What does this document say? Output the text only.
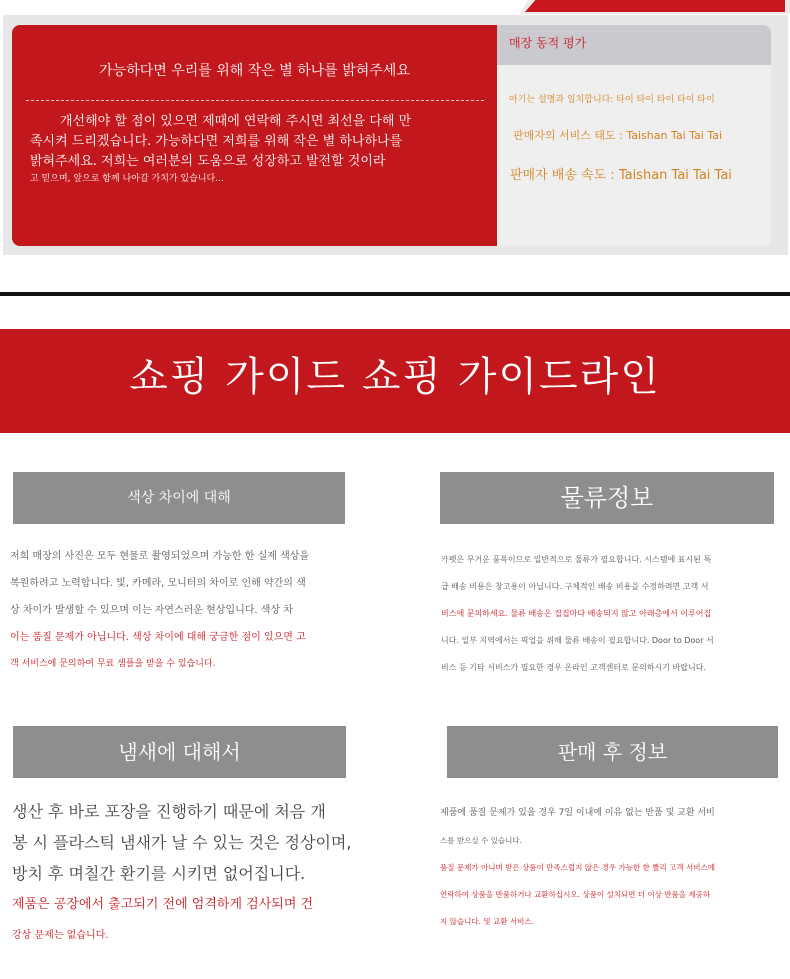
가능하다면 우리를 위해 작은 별 하나를 밝혀주세요
개선해야 할 점이 있으면 제때에 연락해 주시면 최선을 다해 만
족시켜 드리겠습니다. 가능하다면 저희를 위해 작은 별 하나하나를
밝혀주세요. 저희는 여러분의 도움으로 성장하고 발전할 것이라
고 믿으며, 앞으로 함께 나아갈 가치가 있습니다...
매장 동적 평가
아기는 설명과 일치합니다: 타이 타이 타이 타이 타이
판매자의 서비스 태도 : Taishan Tai Tai Tai
판매자 배송 속도 : Taishan Tai Tai Tai
쇼핑 가이드 쇼핑 가이드라인
색상 차이에 대해	물류정보
냄새에 대해서	판매 후 정보
저희 매장의 사진은 모두 현물로 촬영되었으며 가능한 한 실제 색상을
복원하려고 노력합니다. 빛, 카메라, 모니터의 차이로 인해 약간의 색
상 차이가 발생할 수 있으며 이는 자연스러운 현상입니다. 색상 차
이는 품질 문제가 아닙니다. 색상 차이에 대해 궁금한 점이 있으면 고
객 서비스에 문의하여 무료 샘플을 받을 수 있습니다.
카펫은 무거운 품목이므로 일반적으로 물류가 필요합니다. 시스템에 표시된 특
급 배송 비용은 창고용이 아닙니다. 구체적인 배송 비용을 수정하려면 고객 서
비스에 문의하세요. 물류 배송은 집집마다 배송되지 않고 아래층에서 이루어집
니다. 일부 지역에서는 픽업을 위해 물류 배송이 필요합니다. Door to Door 서
비스 등 기타 서비스가 필요한 경우 온라인 고객센터로 문의하시기 바랍니다.
생산 후 바로 포장을 진행하기 때문에 처음 개
봉 시 플라스틱 냄새가 날 수 있는 것은 정상이며,
방치 후 며칠간 환기를 시키면 없어집니다.
제품은 공장에서 출고되기 전에 엄격하게 검사되며 건
강상 문제는 없습니다.
제품에 품질 문제가 있을 경우 7일 이내에 이유 없는 반품 및 교환 서비
스를 받으실 수 있습니다.
품질 문제가 아니며 받은 상품이 만족스럽지 않은 경우 가능한 한 빨리 고객 서비스에
연락하여 상품을 반품하거나 교환하십시오. 상품이 설치되면 더 이상 반품을 제공하
지 않습니다. 및 교환 서비스.
